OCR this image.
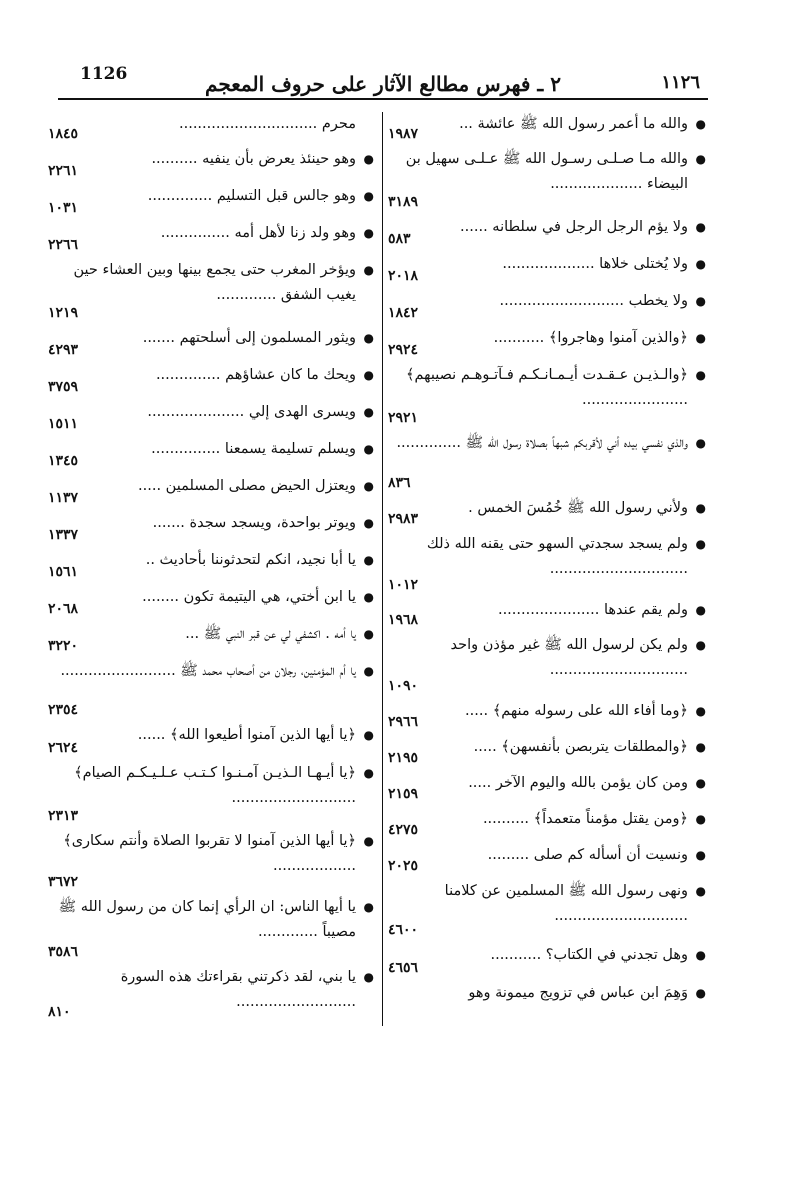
1126	٢ ـ فهرس مطالع الآثار على حروف المعجم	١١٢٦
●
والله ما أعمر رسول الله ﷺ عائشة ...
١٩٨٧
●
والله مـا صـلـى رسـول الله ﷺ عـلـى سهيل بن البيضاء ....................
٣١٨٩
●
ولا يؤم الرجل الرجل في سلطانه ......
٥٨٣
●
ولا يُختلى خلاها ....................
٢٠١٨
●
ولا يخطب ...........................
١٨٤٢
●
﴿والذين آمنوا وهاجروا﴾ ...........
٢٩٢٤
●
﴿والـذيـن عـقـدت أيـمـانـكـم فـآتـوهـم نصيبهم﴾ .......................
٢٩٢١
●
والذي نفسي بيده أني لأقربكم شبهاً بصلاة رسول الله ﷺ ..............
٨٣٦
●
ولأني رسول الله ﷺ خُمُسَ الخمس .
٢٩٨٣
●
ولم يسجد سجدتي السهو حتى يقنه الله ذلك ..............................
١٠١٢
●
ولم يقم عندها ......................
١٩٦٨
●
ولم يكن لرسول الله ﷺ غير مؤذن واحد ..............................
١٠٩٠
●
﴿وما أفاء الله على رسوله منهم﴾ .....
٢٩٦٦
●
﴿والمطلقات يتربصن بأنفسهن﴾ .....
٢١٩٥
●
ومن كان يؤمن بالله واليوم الآخر .....
٢١٥٩
●
﴿ومن يقتل مؤمناً متعمداً﴾ ..........
٤٢٧٥
●
ونسيت أن أسأله كم صلى .........
٢٠٢٥
●
ونهى رسول الله ﷺ المسلمين عن كلامنا .............................
٤٦٠٠
●
وهل تجدني في الكتاب؟ ...........
٤٦٥٦
●
وَهِمَ ابن عباس في تزويج ميمونة وهو
محرم ..............................
١٨٤٥
●
وهو حينئذ يعرض بأن ينفيه ..........
٢٢٦١
●
وهو جالس قبل التسليم ..............
١٠٣١
●
وهو ولد زنا لأهل أمه ...............
٢٢٦٦
●
ويؤخر المغرب حتى يجمع بينها وبين العشاء حين يغيب الشفق .............
١٢١٩
●
ويثور المسلمون إلى أسلحتهم .......
٤٢٩٣
●
ويحك ما كان عشاؤهم ..............
٣٧٥٩
●
ويسرى الهدى إلي .....................
١٥١١
●
ويسلم تسليمة يسمعنا ...............
١٣٤٥
●
ويعتزل الحيض مصلى المسلمين .....
١١٣٧
●
ويوتر بواحدة، ويسجد سجدة .......
١٣٣٧
●
يا أبا نجيد، انكم لتحدثوننا بأحاديث ..
١٥٦١
●
يا ابن أختي، هي اليتيمة تكون ........
٢٠٦٨
●
يا أمه . اكشفي لي عن قبر النبي ﷺ ...
٣٢٢٠
●
يا أم المؤمنين، رجلان من أصحاب محمد ﷺ .........................
٢٣٥٤
●
﴿يا أيها الذين آمنوا أطيعوا الله﴾ ......
٢٦٢٤
●
﴿يا أيـهـا الـذيـن آمـنـوا كـتـب عـلـيـكـم الصيام﴾ ...........................
٢٣١٣
●
﴿يا أيها الذين آمنوا لا تقربوا الصلاة وأنتم سكارى﴾ ..................
٣٦٧٢
●
يا أيها الناس: ان الرأي إنما كان من رسول الله ﷺ مصيباً .............
٣٥٨٦
●
يا بني، لقد ذكرتني بقراءتك هذه السورة ..........................
٨١٠
